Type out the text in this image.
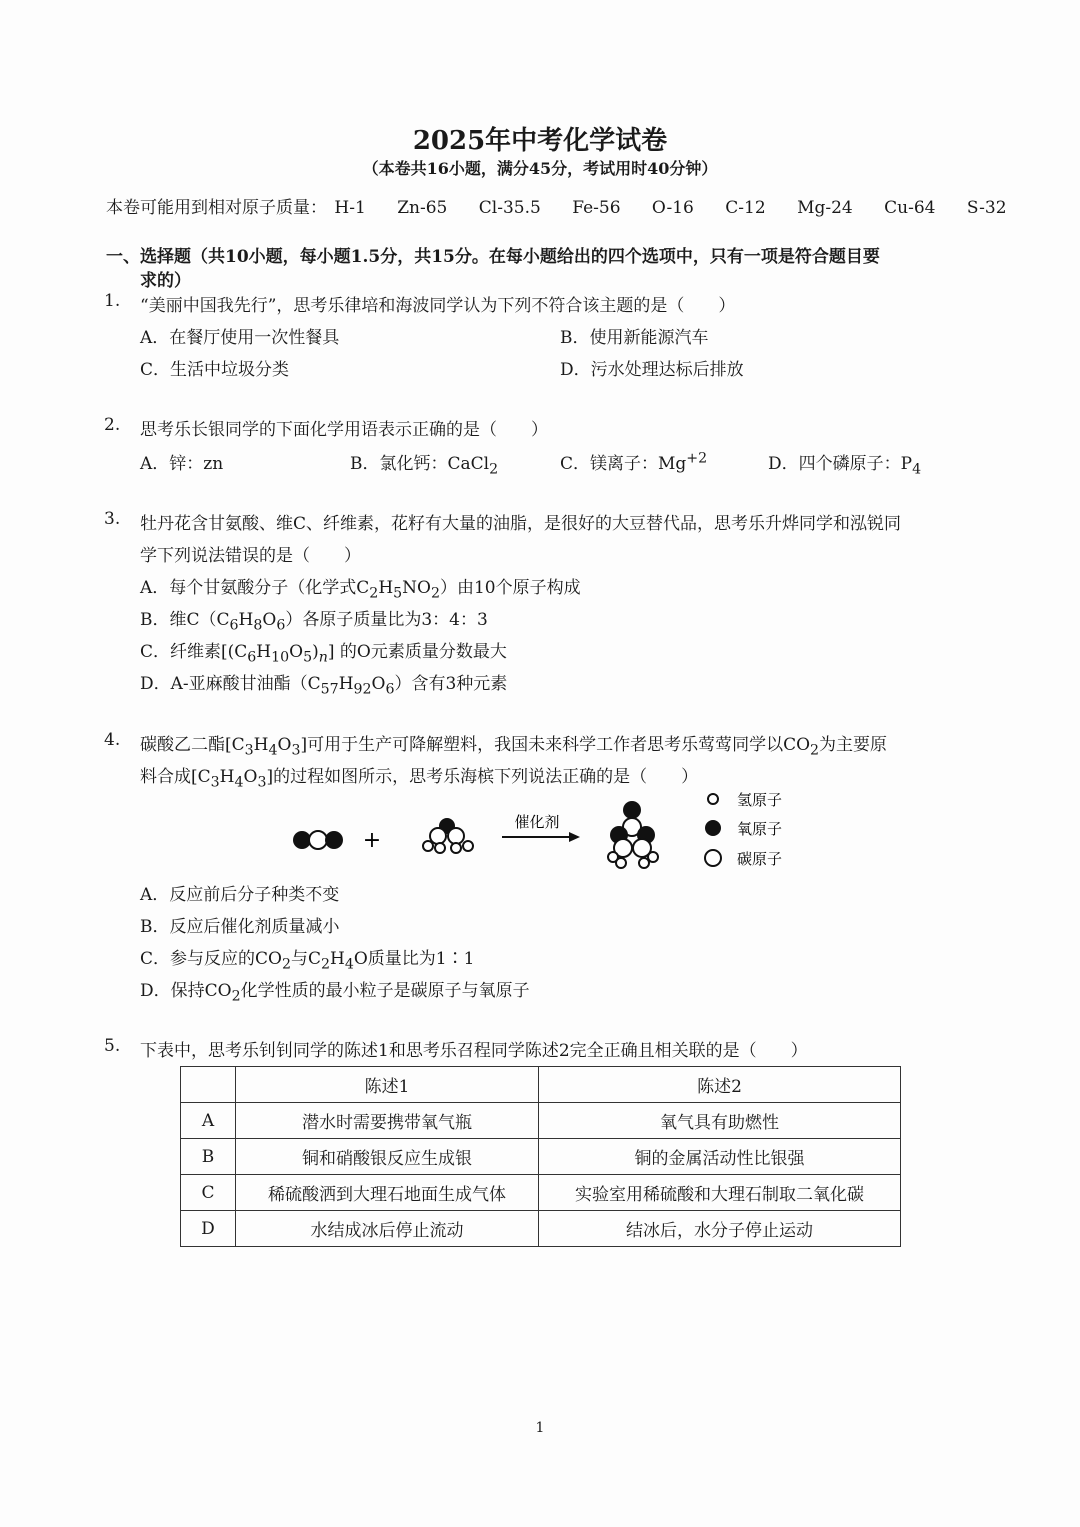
2025年中考化学试卷
（本卷共16小题，满分45分，考试用时40分钟）
本卷可能用到相对原子质量： H-1 Zn-65 Cl-35.5 Fe-56 O-16 C-12 Mg-24 Cu-64 S-32
一、选择题（共10小题，每小题1.5分，共15分。在每小题给出的四个选项中，只有一项是符合题目要
求的）
1. “美丽中国我先行”，思考乐律培和海波同学认为下列不符合该主题的是（　　）
A．在餐厅使用一次性餐具	B．使用新能源汽车
C．生活中垃圾分类	D．污水处理达标后排放
2. 思考乐长银同学的下面化学用语表示正确的是（　　）
A．锌：zn	B．氯化钙：CaCl$_2$	C．镁离子：$Mg^{+2}$	D．四个磷原子：$P_4$
3. 牡丹花含甘氨酸、维C、纤维素，花籽有大量的油脂，是很好的大豆替代品，思考乐升烨同学和泓锐同
学下列说法错误的是（　　）
A．每个甘氨酸分子（化学式$C_2H_5NO_2$）由10个原子构成
B．维$C(C_6H_8O_6)$各原子质量比为3：4：3
C．纤维素$[(C_6H_{10}O_5)_n]$ 的O元素质量分数最大
D．A-亚麻酸甘油酯$(C_{57}H_{92}O_6)$含有3种元素
4. 碳酸乙二酯$[C_3H_4O_3]$可用于生产可降解塑料，我国未来科学工作者思考乐莺莺同学以$CO_2$为主要原
料合成$[C_3H_4O_3]$的过程如图所示，思考乐海槟下列说法正确的是（　　）
+
催化剂
氢原子
氧原子
碳原子
A．反应前后分子种类不变
B．反应后催化剂质量减小
C．参与反应的$CO_2$与$C_2H_4O$质量比为1∶1
D．保持$CO_2$化学性质的最小粒子是碳原子与氧原子
5. 下表中，思考乐钊钊同学的陈述1和思考乐召程同学陈述2完全正确且相关联的是（　　）
	陈述1	陈述2
A	潜水时需要携带氧气瓶	氧气具有助燃性
B	铜和硝酸银反应生成银	铜的金属活动性比银强
C	稀硫酸洒到大理石地面生成气体	实验室用稀硫酸和大理石制取二氧化碳
D	水结成冰后停止流动	结冰后，水分子停止运动
1
